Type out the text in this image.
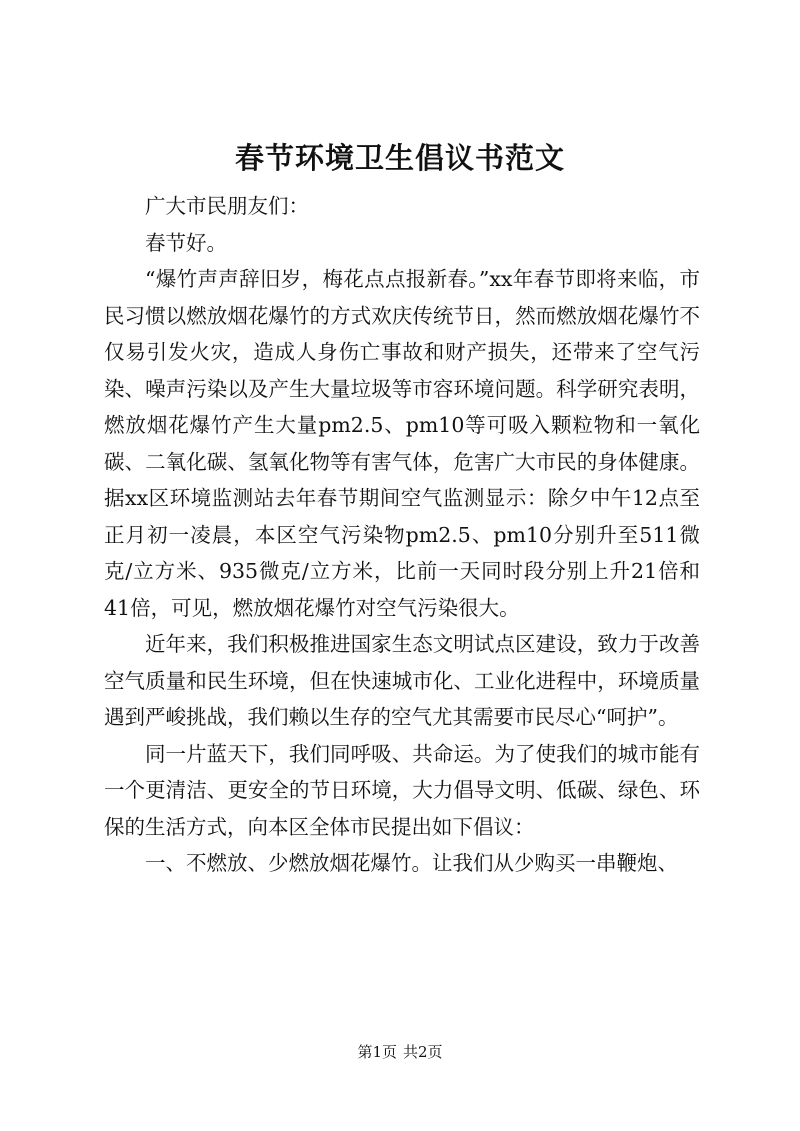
春节环境卫生倡议书范文

广大市民朋友们：

春节好。

“爆竹声声辞旧岁，梅花点点报新春。”xx年春节即将来临，市民习惯以燃放烟花爆竹的方式欢庆传统节日，然而燃放烟花爆竹不仅易引发火灾，造成人身伤亡事故和财产损失，还带来了空气污染、噪声污染以及产生大量垃圾等市容环境问题。科学研究表明，燃放烟花爆竹产生大量pm2.5、pm10等可吸入颗粒物和一氧化碳、二氧化碳、氢氧化物等有害气体，危害广大市民的身体健康。据xx区环境监测站去年春节期间空气监测显示：除夕中午12点至正月初一凌晨，本区空气污染物pm2.5、pm10分别升至511微克/立方米、935微克/立方米，比前一天同时段分别上升21倍和41倍，可见，燃放烟花爆竹对空气污染很大。

近年来，我们积极推进国家生态文明试点区建设，致力于改善空气质量和民生环境，但在快速城市化、工业化进程中，环境质量遇到严峻挑战，我们赖以生存的空气尤其需要市民尽心“呵护”。

同一片蓝天下，我们同呼吸、共命运。为了使我们的城市能有一个更清洁、更安全的节日环境，大力倡导文明、低碳、绿色、环保的生活方式，向本区全体市民提出如下倡议：

一、不燃放、少燃放烟花爆竹。让我们从少购买一串鞭炮、

第1页 共2页
